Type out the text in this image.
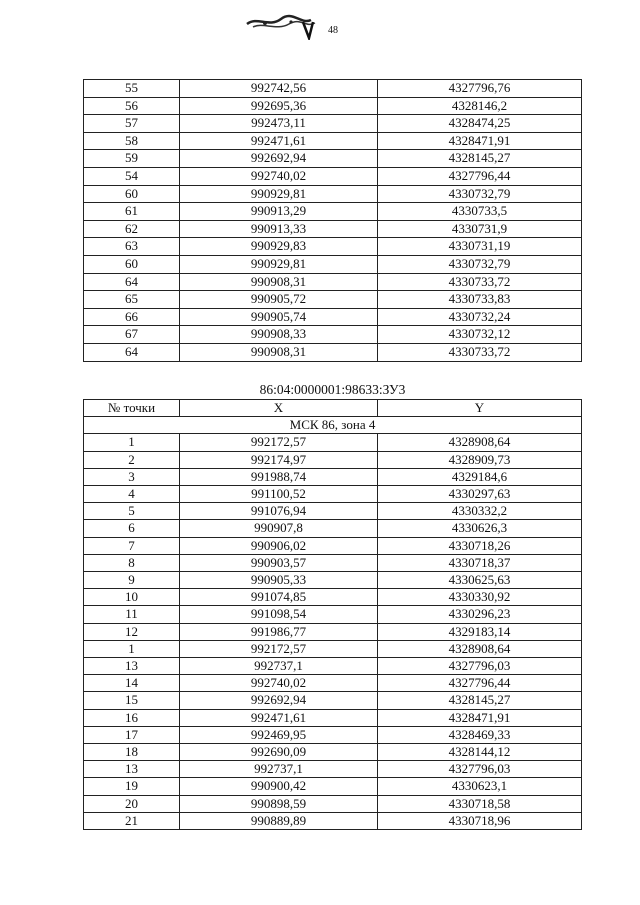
48
55	992742,56	4327796,76
56	992695,36	4328146,2
57	992473,11	4328474,25
58	992471,61	4328471,91
59	992692,94	4328145,27
54	992740,02	4327796,44
60	990929,81	4330732,79
61	990913,29	4330733,5
62	990913,33	4330731,9
63	990929,83	4330731,19
60	990929,81	4330732,79
64	990908,31	4330733,72
65	990905,72	4330733,83
66	990905,74	4330732,24
67	990908,33	4330732,12
64	990908,31	4330733,72
86:04:0000001:98633:ЗУ3
№ точки	X	Y
МСК 86, зона 4		
1	992172,57	4328908,64
2	992174,97	4328909,73
3	991988,74	4329184,6
4	991100,52	4330297,63
5	991076,94	4330332,2
6	990907,8	4330626,3
7	990906,02	4330718,26
8	990903,57	4330718,37
9	990905,33	4330625,63
10	991074,85	4330330,92
11	991098,54	4330296,23
12	991986,77	4329183,14
1	992172,57	4328908,64
13	992737,1	4327796,03
14	992740,02	4327796,44
15	992692,94	4328145,27
16	992471,61	4328471,91
17	992469,95	4328469,33
18	992690,09	4328144,12
13	992737,1	4327796,03
19	990900,42	4330623,1
20	990898,59	4330718,58
21	990889,89	4330718,96
